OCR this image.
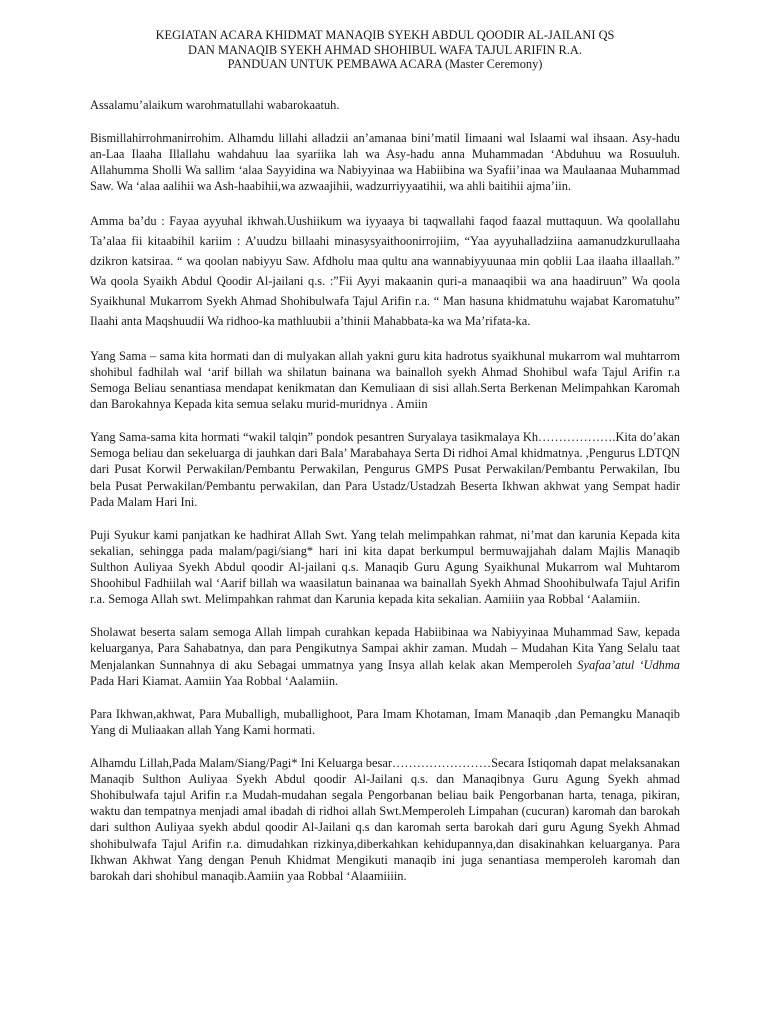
KEGIATAN ACARA KHIDMAT MANAQIB SYEKH ABDUL QOODIR AL-JAILANI QS
DAN MANAQIB SYEKH AHMAD SHOHIBUL WAFA TAJUL ARIFIN R.A.
PANDUAN UNTUK PEMBAWA ACARA (Master Ceremony)

Assalamu’alaikum warohmatullahi wabarokaatuh.

Bismillahirrohmanirrohim. Alhamdu lillahi alladzii an’amanaa bini’matil Iimaani wal Islaami wal ihsaan. Asy-hadu an-Laa Ilaaha Illallahu wahdahuu laa syariika lah wa Asy-hadu anna Muhammadan ‘Abduhuu wa Rosuuluh. Allahumma Sholli Wa sallim ‘alaa Sayyidina wa Nabiyyinaa wa Habiibina wa Syafii’inaa wa Maulaanaa Muhammad Saw. Wa ‘alaa aalihii wa Ash-haabihii,wa azwaajihii, wadzurriyyaatihii, wa ahli baitihii ajma’iin.

Amma ba’du : Fayaa ayyuhal ikhwah.Uushiikum wa iyyaaya bi taqwallahi faqod faazal muttaquun. Wa qoolallahu Ta’alaa fii kitaabihil kariim : A’uudzu billaahi minasysyaithoonirrojiim, “Yaa ayyuhalladziina aamanudzkurullaaha dzikron katsiraa. “ wa qoolan nabiyyu Saw. Afdholu maa qultu ana wannabiyyuunaa min qoblii Laa ilaaha illaallah.” Wa qoola Syaikh Abdul Qoodir Al-jailani q.s. :”Fii Ayyi makaanin quri-a manaaqibii wa ana haadiruun” Wa qoola Syaikhunal Mukarrom Syekh Ahmad Shohibulwafa Tajul Arifin r.a. “ Man hasuna khidmatuhu wajabat Karomatuhu” Ilaahi anta Maqshuudii Wa ridhoo-ka mathluubii a’thinii Mahabbata-ka wa Ma’rifata-ka.

Yang Sama – sama kita hormati dan di mulyakan allah yakni guru kita hadrotus syaikhunal mukarrom wal muhtarrom shohibul fadhilah wal ‘arif billah wa shilatun bainana wa bainalloh syekh Ahmad Shohibul wafa Tajul Arifin r.a Semoga Beliau senantiasa mendapat kenikmatan dan Kemuliaan di sisi allah.Serta Berkenan Melimpahkan Karomah dan Barokahnya Kepada kita semua selaku murid-muridnya . Amiin

Yang Sama-sama kita hormati “wakil talqin” pondok pesantren Suryalaya tasikmalaya Kh……………….Kita do’akan Semoga beliau dan sekeluarga di jauhkan dari Bala’ Marabahaya Serta Di ridhoi Amal khidmatnya. ,Pengurus LDTQN dari Pusat Korwil Perwakilan/Pembantu Perwakilan, Pengurus GMPS Pusat Perwakilan/Pembantu Perwakilan, Ibu bela Pusat Perwakilan/Pembantu perwakilan, dan Para Ustadz/Ustadzah Beserta Ikhwan akhwat yang Sempat hadir Pada Malam Hari Ini.

Puji Syukur kami panjatkan ke hadhirat Allah Swt. Yang telah melimpahkan rahmat, ni’mat dan karunia Kepada kita sekalian, sehingga pada malam/pagi/siang* hari ini kita dapat berkumpul bermuwajjahah dalam Majlis Manaqib Sulthon Auliyaa Syekh Abdul qoodir Al-jailani q.s. Manaqib Guru Agung Syaikhunal Mukarrom wal Muhtarom Shoohibul Fadhiilah wal ‘Aarif billah wa waasilatun bainanaa wa bainallah Syekh Ahmad Shoohibulwafa Tajul Arifin r.a. Semoga Allah swt. Melimpahkan rahmat dan Karunia kepada kita sekalian. Aamiiin yaa Robbal ‘Aalamiin.

Sholawat beserta salam semoga Allah limpah curahkan kepada Habiibinaa wa Nabiyyinaa Muhammad Saw, kepada keluarganya, Para Sahabatnya, dan para Pengikutnya Sampai akhir zaman. Mudah – Mudahan Kita Yang Selalu taat Menjalankan Sunnahnya di aku Sebagai ummatnya yang Insya allah kelak akan Memperoleh Syafaa’atul ‘Udhma Pada Hari Kiamat. Aamiin Yaa Robbal ‘Aalamiin.

Para Ikhwan,akhwat, Para Muballigh, muballighoot, Para Imam Khotaman, Imam Manaqib ,dan Pemangku Manaqib Yang di Muliaakan allah Yang Kami hormati.

Alhamdu Lillah,Pada Malam/Siang/Pagi* Ini Keluarga besar……………………Secara Istiqomah dapat melaksanakan Manaqib Sulthon Auliyaa Syekh Abdul qoodir Al-Jailani q.s. dan Manaqibnya Guru Agung Syekh ahmad Shohibulwafa tajul Arifin r.a Mudah-mudahan segala Pengorbanan beliau baik Pengorbanan harta, tenaga, pikiran, waktu dan tempatnya menjadi amal ibadah di ridhoi allah Swt.Memperoleh Limpahan (cucuran) karomah dan barokah dari sulthon Auliyaa syekh abdul qoodir Al-Jailani q.s dan karomah serta barokah dari guru Agung Syekh Ahmad shohibulwafa Tajul Arifin r.a. dimudahkan rizkinya,diberkahkan kehidupannya,dan disakinahkan keluarganya. Para Ikhwan Akhwat Yang dengan Penuh Khidmat Mengikuti manaqib ini juga senantiasa memperoleh karomah dan barokah dari shohibul manaqib.Aamiin yaa Robbal ‘Alaamiiiin.
